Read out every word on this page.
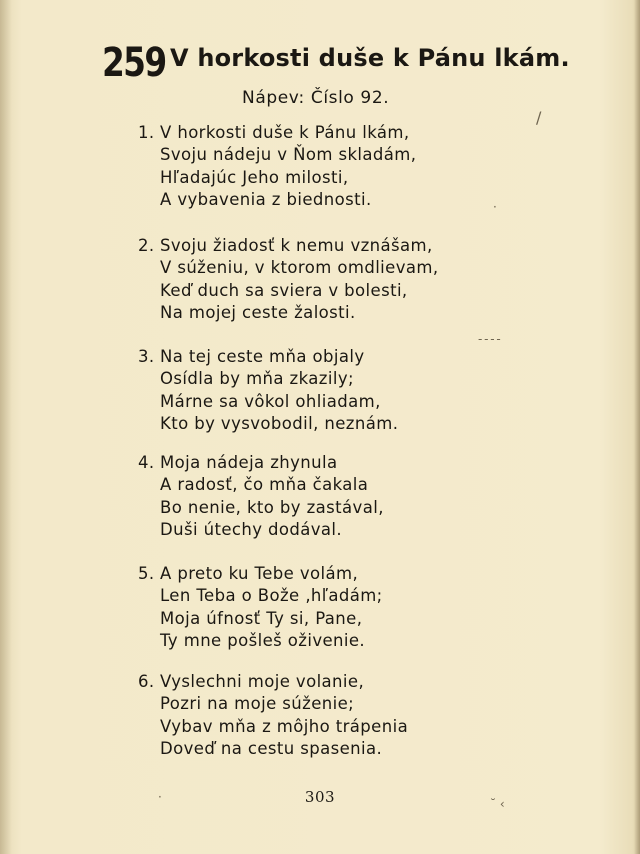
259 V horkosti duše k Pánu lkám.
Nápev: Číslo 92.
1. V horkosti duše k Pánu lkám,
Svoju nádeju v Ňom skladám,
Hľadajúc Jeho milosti,
A vybavenia z biednosti.
2. Svoju žiadosť k nemu vznášam,
V súženiu, v ktorom omdlievam,
Keď duch sa sviera v bolesti,
Na mojej ceste žalosti.
3. Na tej ceste mňa objaly
Osídla by mňa zkazily;
Márne sa vôkol ohliadam,
Kto by vysvobodil, neznám.
4. Moja nádeja zhynula
A radosť, čo mňa čakala
Bo nenie, kto by zastával,
Duši útechy dodával.
5. A preto ku Tebe volám,
Len Teba o Bože ‚hľadám;
Moja úfnosť Ty si, Pane,
Ty mne pošleš oživenie.
6. Vyslechni moje volanie,
Pozri na moje súženie;
Vybav mňa z môjho trápenia
Doveď na cestu spasenia.
303
/
·
- - - -
·	˘ ‹
